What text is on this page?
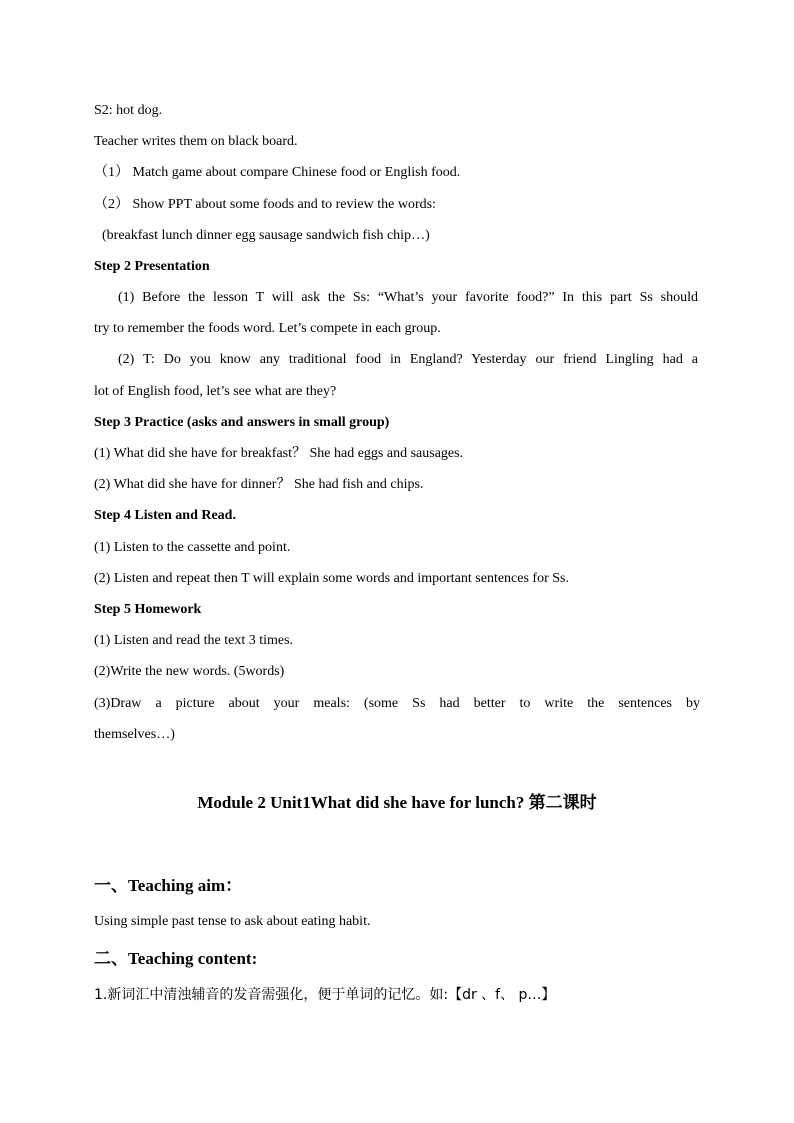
S2: hot dog.
Teacher writes them on black board.
（1） Match game about compare Chinese food or English food.
（2） Show PPT about some foods and to review the words:
(breakfast lunch dinner egg sausage sandwich fish chip…)
Step 2 Presentation
(1) Before the lesson T will ask the Ss: “What’s your favorite food?” In this part Ss should
try to remember the foods word. Let’s compete in each group.
(2) T: Do you know any traditional food in England? Yesterday our friend Lingling had a
lot of English food, let’s see what are they?
Step 3 Practice (asks and answers in small group)
(1) What did she have for breakfast？ She had eggs and sausages.
(2) What did she have for dinner？ She had fish and chips.
Step 4 Listen and Read.
(1) Listen to the cassette and point.
(2) Listen and repeat then T will explain some words and important sentences for Ss.
Step 5 Homework
(1) Listen and read the text 3 times.
(2)Write the new words. (5words)
(3)Draw a picture about your meals: (some Ss had better to write the sentences by
themselves…)
Module 2 Unit1What did she have for lunch? 第二课时
一、Teaching aim：
Using simple past tense to ask about eating habit.
二、Teaching content:
1.新词汇中清浊辅音的发音需强化，便于单词的记忆。如:【dr 、f、 p…】
